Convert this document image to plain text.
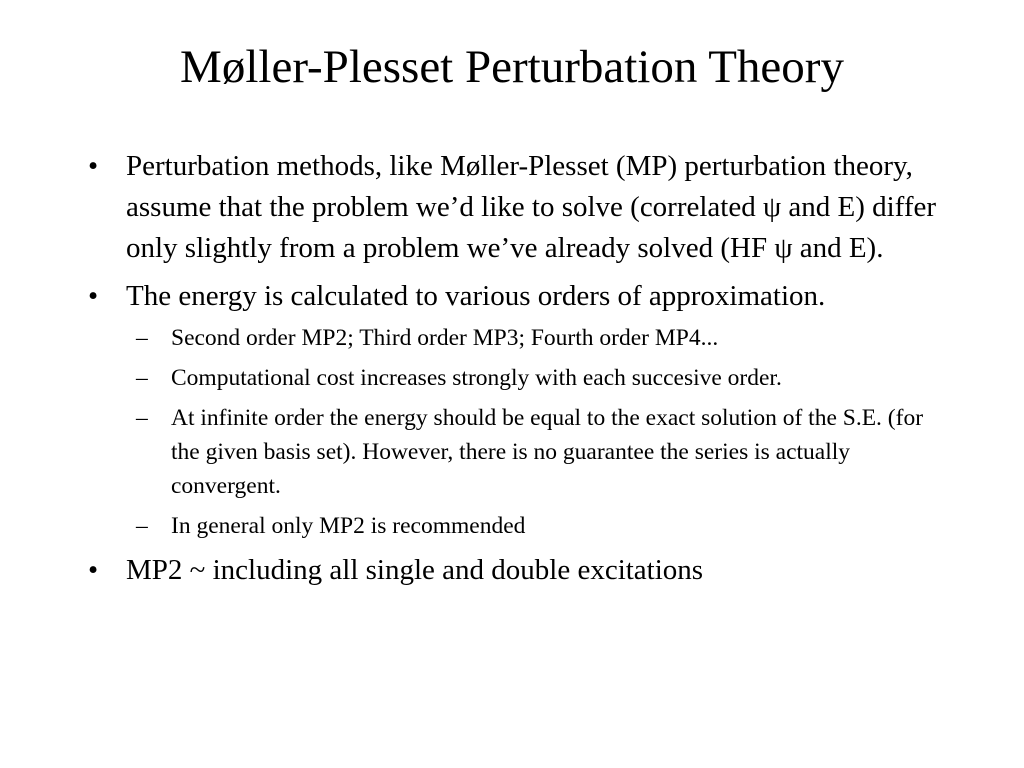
Møller-Plesset Perturbation Theory
• Perturbation methods, like Møller-Plesset (MP) perturbation theory, assume that the problem we’d like to solve (correlated ψ and E) differ only slightly from a problem we’ve already solved (HF ψ and E).
• The energy is calculated to various orders of approximation.
– Second order MP2; Third order MP3; Fourth order MP4...
– Computational cost increases strongly with each succesive order.
– At infinite order the energy should be equal to the exact solution of the S.E. (for the given basis set). However, there is no guarantee the series is actually convergent.
– In general only MP2 is recommended
• MP2 ~ including all single and double excitations
